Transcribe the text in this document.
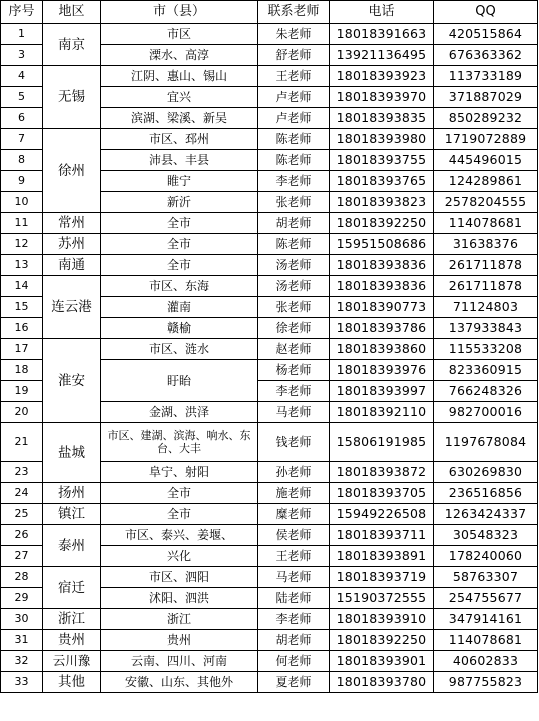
序号	地区	市（县）	联系老师	电话	QQ
1	南京	市区	朱老师	18018391663	420515864
3		溧水、高淳	舒老师	13921136495	676363362
4	无锡	江阴、惠山、锡山	王老师	18018393923	113733189
5		宜兴	卢老师	18018393970	371887029
6		滨湖、梁溪、新吴	卢老师	18018393835	850289232
7	徐州	市区、邳州	陈老师	18018393980	1719072889
8		沛县、丰县	陈老师	18018393755	445496015
9		睢宁	李老师	18018393765	124289861
10		新沂	张老师	18018393823	2578204555
11	常州	全市	胡老师	18018392250	114078681
12	苏州	全市	陈老师	15951508686	31638376
13	南通	全市	汤老师	18018393836	261711878
14	连云港	市区、东海	汤老师	18018393836	261711878
15		灌南	张老师	18018390773	71124803
16		赣榆	徐老师	18018393786	137933843
17	淮安	市区、涟水	赵老师	18018393860	115533208
18		盱眙	杨老师	18018393976	823360915
19			李老师	18018393997	766248326
20		金湖、洪泽	马老师	18018392110	982700016
21	盐城	市区、建湖、滨海、响水、东台、大丰	钱老师	15806191985	1197678084
23		阜宁、射阳	孙老师	18018393872	630269830
24	扬州	全市	施老师	18018393705	236516856
25	镇江	全市	糜老师	15949226508	1263424337
26	泰州	市区、泰兴、姜堰、	侯老师	18018393711	30548323
27		兴化	王老师	18018393891	178240060
28	宿迁	市区、泗阳	马老师	18018393719	58763307
29		沭阳、泗洪	陆老师	15190372555	254755677
30	浙江	浙江	李老师	18018393910	347914161
31	贵州	贵州	胡老师	18018392250	114078681
32	云川豫	云南、四川、河南	何老师	18018393901	40602833
33	其他	安徽、山东、其他外	夏老师	18018393780	987755823
